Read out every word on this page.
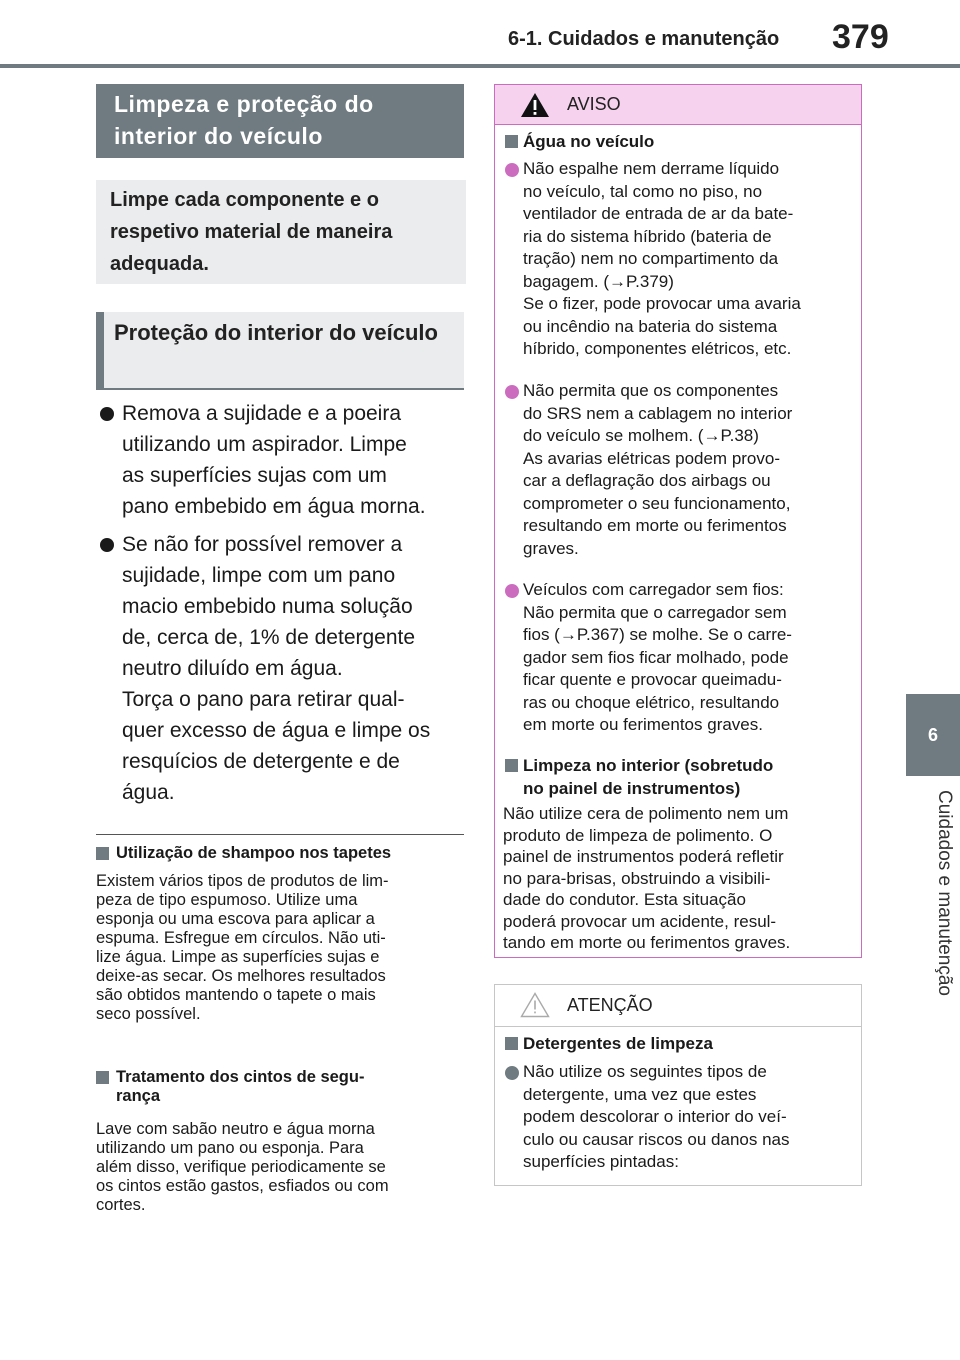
6-1. Cuidados e manutenção 379
6
Cuidados e manutenção
Limpeza e proteção do interior do veículo
Limpe cada componente e o respetivo material de maneira adequada.
Proteção do interior do veículo
Remova a sujidade e a poeira
utilizando um aspirador. Limpe
as superfícies sujas com um
pano embebido em água morna.
Se não for possível remover a
sujidade, limpe com um pano
macio embebido numa solução
de, cerca de, 1% de detergente
neutro diluído em água.
Torça o pano para retirar qual-
quer excesso de água e limpe os
resquícios de detergente e de
água.
Utilização de shampoo nos tapetes
Existem vários tipos de produtos de lim-
peza de tipo espumoso. Utilize uma
esponja ou uma escova para aplicar a
espuma. Esfregue em círculos. Não uti-
lize água. Limpe as superfícies sujas e
deixe-as secar. Os melhores resultados
são obtidos mantendo o tapete o mais
seco possível.
Tratamento dos cintos de segu-
rança
Lave com sabão neutro e água morna
utilizando um pano ou esponja. Para
além disso, verifique periodicamente se
os cintos estão gastos, esfiados ou com
cortes.
AVISO
Água no veículo
Não espalhe nem derrame líquido
no veículo, tal como no piso, no
ventilador de entrada de ar da bate-
ria do sistema híbrido (bateria de
tração) nem no compartimento da
bagagem. (→P.379)
Se o fizer, pode provocar uma avaria
ou incêndio na bateria do sistema
híbrido, componentes elétricos, etc.
Não permita que os componentes
do SRS nem a cablagem no interior
do veículo se molhem. (→P.38)
As avarias elétricas podem provo-
car a deflagração dos airbags ou
comprometer o seu funcionamento,
resultando em morte ou ferimentos
graves.
Veículos com carregador sem fios:
Não permita que o carregador sem
fios (→P.367) se molhe. Se o carre-
gador sem fios ficar molhado, pode
ficar quente e provocar queimadu-
ras ou choque elétrico, resultando
em morte ou ferimentos graves.
Limpeza no interior (sobretudo
no painel de instrumentos)
Não utilize cera de polimento nem um
produto de limpeza de polimento. O
painel de instrumentos poderá refletir
no para-brisas, obstruindo a visibili-
dade do condutor. Esta situação
poderá provocar um acidente, resul-
tando em morte ou ferimentos graves.
ATENÇÃO
Detergentes de limpeza
Não utilize os seguintes tipos de
detergente, uma vez que estes
podem descolorar o interior do veí-
culo ou causar riscos ou danos nas
superfícies pintadas:
